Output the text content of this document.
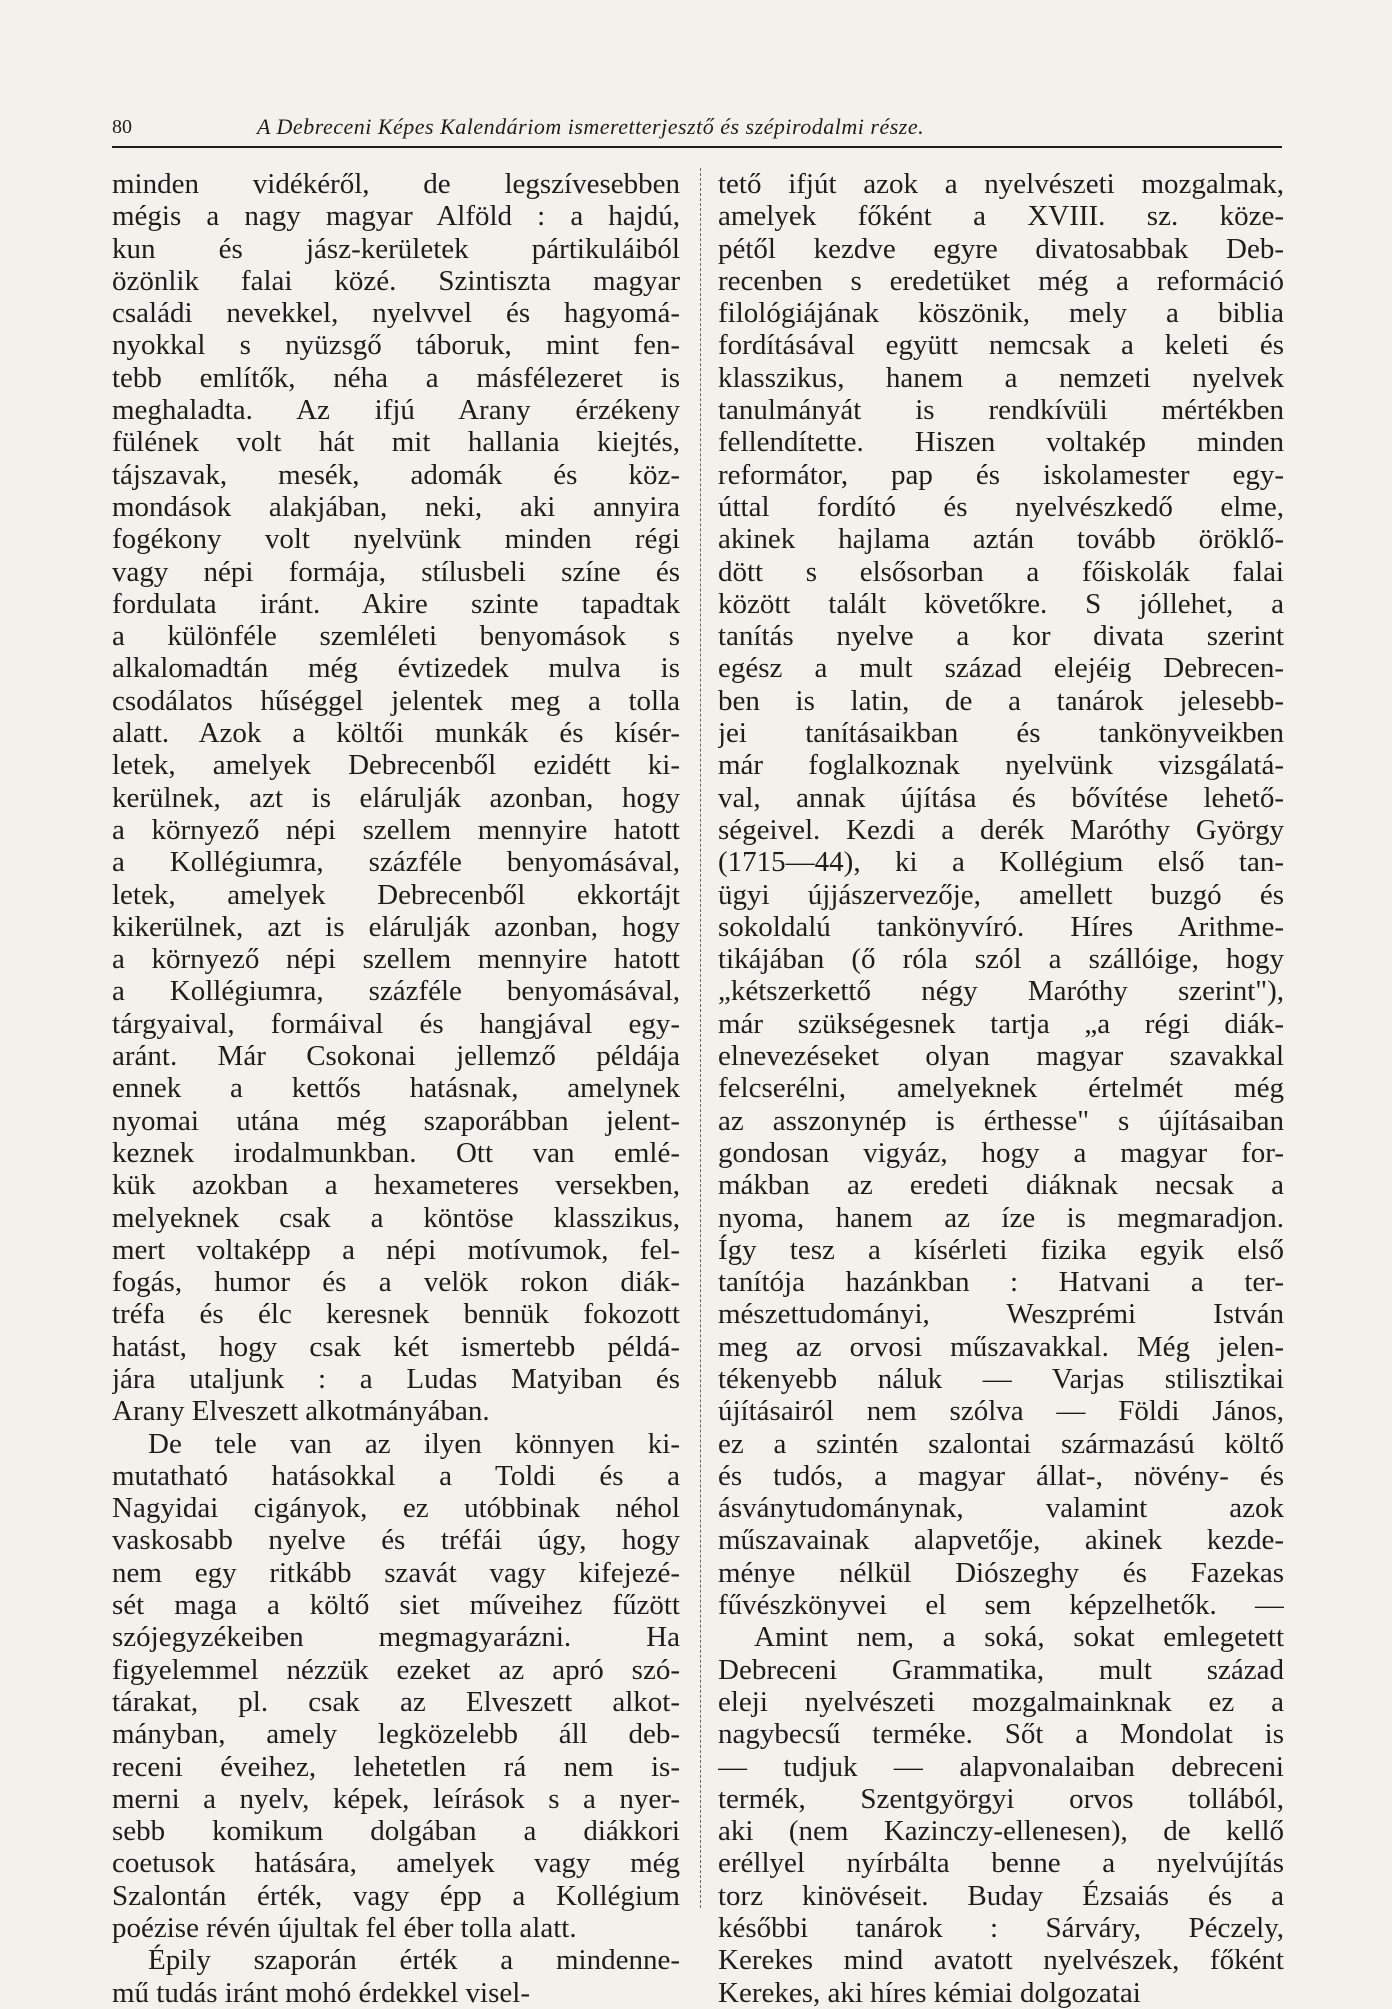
80	A Debreceni Képes Kalendáriom ismeretterjesztő és szépirodalmi része.
minden vidékéről, de legszívesebben
mégis a nagy magyar Alföld : a hajdú,
kun és jász-kerületek pártikuláiból
özönlik falai közé. Szintiszta magyar
családi nevekkel, nyelvvel és hagyomá-
nyokkal s nyüzsgő táboruk, mint fen-
tebb említők, néha a másfélezeret is
meghaladta. Az ifjú Arany érzékeny
fülének volt hát mit hallania kiejtés,
tájszavak, mesék, adomák és köz-
mondások alakjában, neki, aki annyira
fogékony volt nyelvünk minden régi
vagy népi formája, stílusbeli színe és
fordulata iránt. Akire szinte tapadtak
a különféle szemléleti benyomások s
alkalomadtán még évtizedek mulva is
csodálatos hűséggel jelentek meg a tolla
alatt. Azok a költői munkák és kísér-
letek, amelyek Debrecenből ezidétt ki-
kerülnek, azt is elárulják azonban, hogy
a környező népi szellem mennyire hatott
a Kollégiumra, százféle benyomásával,
letek, amelyek Debrecenből ekkortájt
kikerülnek, azt is elárulják azonban, hogy
a környező népi szellem mennyire hatott
a Kollégiumra, százféle benyomásával,
tárgyaival, formáival és hangjával egy-
aránt. Már Csokonai jellemző példája
ennek a kettős hatásnak, amelynek
nyomai utána még szaporábban jelent-
keznek irodalmunkban. Ott van emlé-
kük azokban a hexameteres versekben,
melyeknek csak a köntöse klasszikus,
mert voltaképp a népi motívumok, fel-
fogás, humor és a velök rokon diák-
tréfa és élc keresnek bennük fokozott
hatást, hogy csak két ismertebb példá-
jára utaljunk : a Ludas Matyiban és
Arany Elveszett alkotmányában.
De tele van az ilyen könnyen ki-
mutatható hatásokkal a Toldi és a
Nagyidai cigányok, ez utóbbinak néhol
vaskosabb nyelve és tréfái úgy, hogy
nem egy ritkább szavát vagy kifejezé-
sét maga a költő siet műveihez fűzött
szójegyzékeiben megmagyarázni. Ha
figyelemmel nézzük ezeket az apró szó-
tárakat, pl. csak az Elveszett alkot-
mányban, amely legközelebb áll deb-
receni éveihez, lehetetlen rá nem is-
merni a nyelv, képek, leírások s a nyer-
sebb komikum dolgában a diákkori
coetusok hatására, amelyek vagy még
Szalontán érték, vagy épp a Kollégium
poézise révén újultak fel éber tolla alatt.
Épily szaporán érték a mindenne-
mű tudás iránt mohó érdekkel visel-
tető ifjút azok a nyelvészeti mozgalmak,
amelyek főként a XVIII. sz. köze-
pétől kezdve egyre divatosabbak Deb-
recenben s eredetüket még a reformáció
filológiájának köszönik, mely a biblia
fordításával együtt nemcsak a keleti és
klasszikus, hanem a nemzeti nyelvek
tanulmányát is rendkívüli mértékben
fellendítette. Hiszen voltakép minden
reformátor, pap és iskolamester egy-
úttal fordító és nyelvészkedő elme,
akinek hajlama aztán tovább öröklő-
dött s elsősorban a főiskolák falai
között talált követőkre. S jóllehet, a
tanítás nyelve a kor divata szerint
egész a mult század elejéig Debrecen-
ben is latin, de a tanárok jelesebb-
jei tanításaikban és tankönyveikben
már foglalkoznak nyelvünk vizsgálatá-
val, annak újítása és bővítése lehető-
ségeivel. Kezdi a derék Maróthy György
(1715—44), ki a Kollégium első tan-
ügyi újjászervezője, amellett buzgó és
sokoldalú tankönyvíró. Híres Arithme-
tikájában (ő róla szól a szállóige, hogy
„kétszerkettő négy Maróthy szerint"),
már szükségesnek tartja „a régi diák-
elnevezéseket olyan magyar szavakkal
felcserélni, amelyeknek értelmét még
az asszonynép is érthesse" s újításaiban
gondosan vigyáz, hogy a magyar for-
mákban az eredeti diáknak necsak a
nyoma, hanem az íze is megmaradjon.
Így tesz a kísérleti fizika egyik első
tanítója hazánkban : Hatvani a ter-
mészettudományi, Weszprémi István
meg az orvosi műszavakkal. Még jelen-
tékenyebb náluk — Varjas stiliszti̇kai
újításairól nem szólva — Földi János,
ez a szintén szalontai származású költő
és tudós, a magyar állat-, növény- és
ásványtudománynak, valamint azok
műszavainak alapvetője, akinek kezde-
ménye nélkül Diószeghy és Fazekas
fűvészkönyvei el sem képzelhetők. —
Amint nem, a soká, sokat emlegetett
Debreceni Grammatika, mult század
eleji nyelvészeti mozgalmainknak ez a
nagybecsű terméke. Sőt a Mondolat is
— tudjuk — alapvonalaiban debreceni
termék, Szentgyörgyi orvos tollából,
aki (nem Kazinczy-ellenesen), de kellő
eréllyel nyírbálta benne a nyelvújítás
torz kinövéseit. Buday Ézsaiás és a
későbbi tanárok : Sárváry, Péczely,
Kerekes mind avatott nyelvészek, főként
Kerekes, aki híres kémiai dolgozatai
